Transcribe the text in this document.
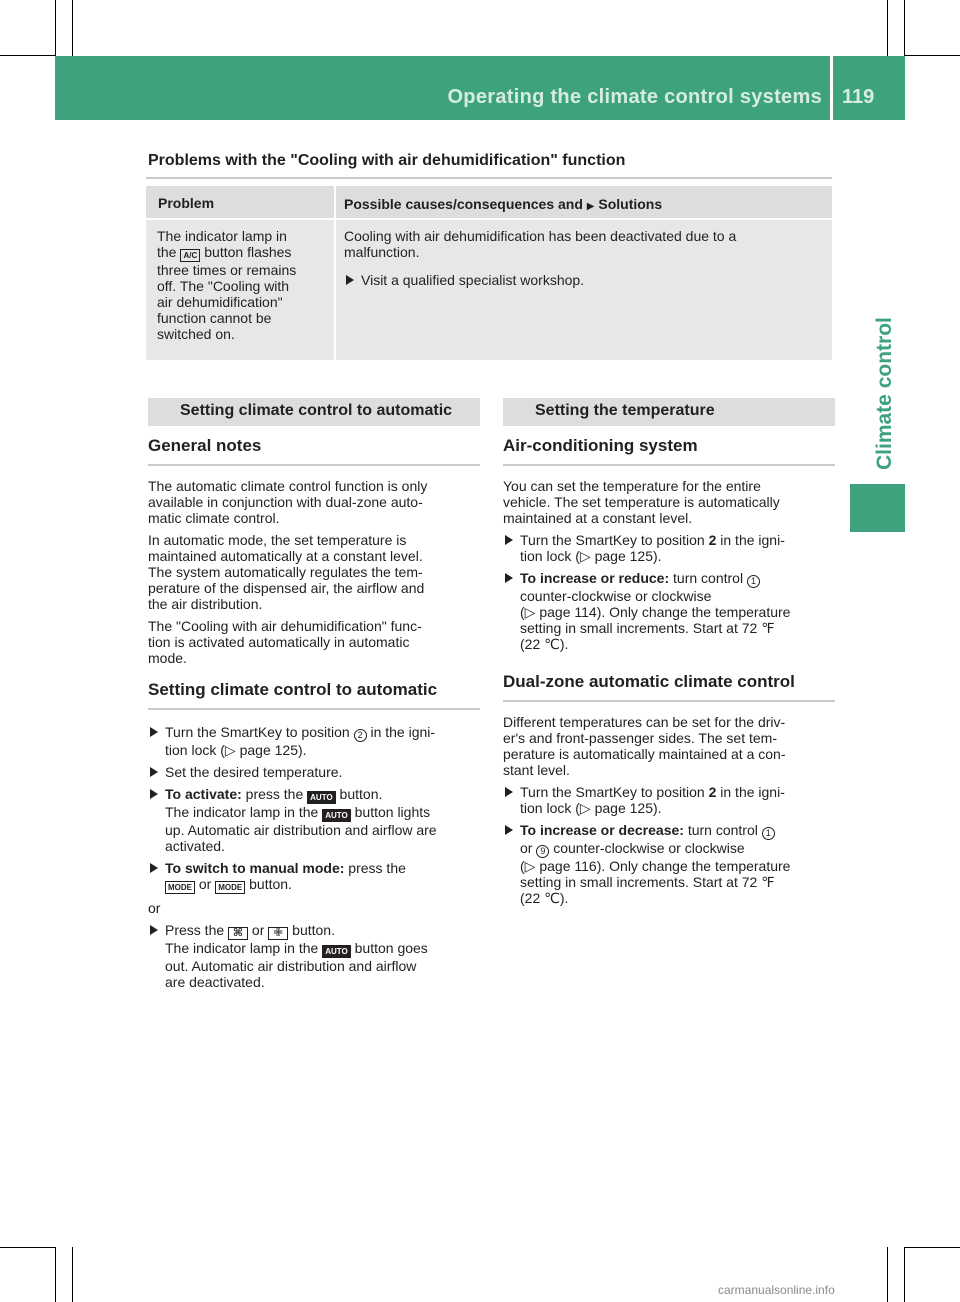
Operating the climate control systems 119
Climate control
Problems with the "Cooling with air dehumidification" function
Problem	Possible causes/consequences and ▶ Solutions
The indicator lamp in
the A/C button flashes
three times or remains
off. The "Cooling with
air dehumidification"
function cannot be
switched on.
Cooling with air dehumidification has been deactivated due to a
malfunction.
Visit a qualified specialist workshop.
Setting climate control to automatic
General notes
The automatic climate control function is only
available in conjunction with dual-zone auto-
matic climate control.
In automatic mode, the set temperature is
maintained automatically at a constant level.
The system automatically regulates the tem-
perature of the dispensed air, the airflow and
the air distribution.
The "Cooling with air dehumidification" func-
tion is activated automatically in automatic
mode.
Setting climate control to automatic
Turn the SmartKey to position 2 in the igni-
tion lock (▷ page 125).
Set the desired temperature.
To activate: press the AUTO button.
The indicator lamp in the AUTO button lights
up. Automatic air distribution and airflow are
activated.
To switch to manual mode: press the
MODE or MODE button.
or
Press the ⌘ or ✙ button.
The indicator lamp in the AUTO button goes
out. Automatic air distribution and airflow
are deactivated.
Setting the temperature
Air-conditioning system
You can set the temperature for the entire
vehicle. The set temperature is automatically
maintained at a constant level.
Turn the SmartKey to position 2 in the igni-
tion lock (▷ page 125).
To increase or reduce: turn control 1
counter-clockwise or clockwise
(▷ page 114). Only change the temperature
setting in small increments. Start at 72 ℉
(22 ℃).
Dual-zone automatic climate control
Different temperatures can be set for the driv-
er's and front-passenger sides. The set tem-
perature is automatically maintained at a con-
stant level.
Turn the SmartKey to position 2 in the igni-
tion lock (▷ page 125).
To increase or decrease: turn control 1
or 9 counter-clockwise or clockwise
(▷ page 116). Only change the temperature
setting in small increments. Start at 72 ℉
(22 ℃).
carmanualsonline.info
